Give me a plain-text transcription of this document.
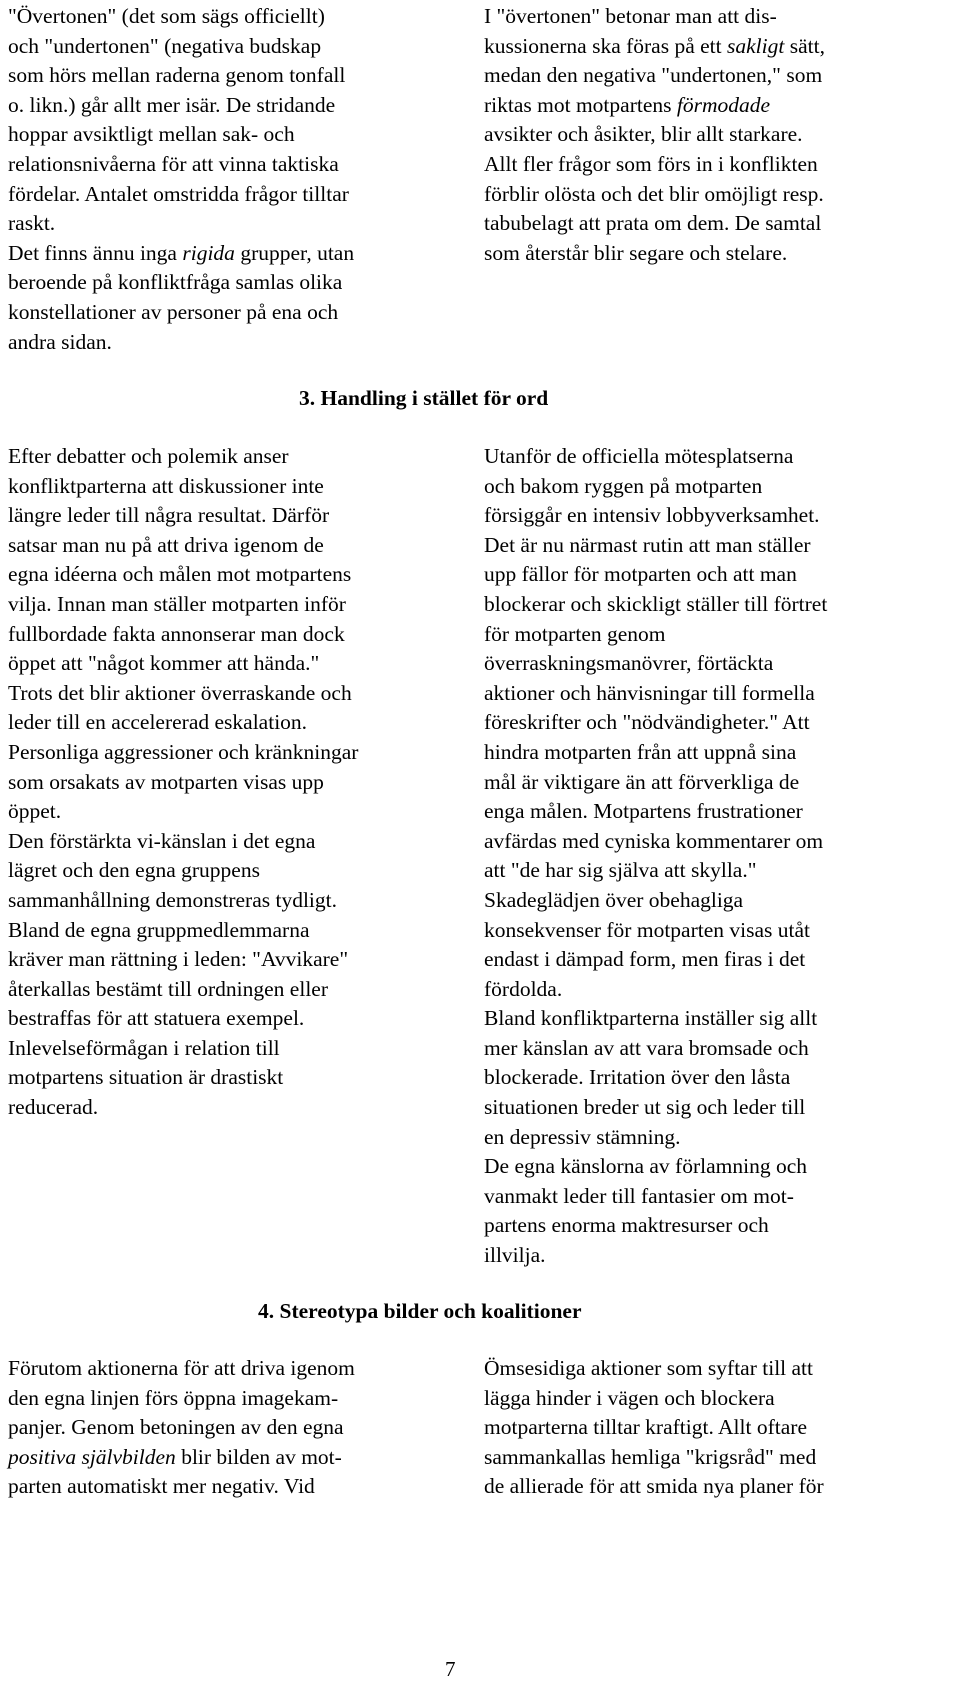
"Övertonen" (det som sägs officiellt)
och "undertonen" (negativa budskap
som hörs mellan raderna genom tonfall
o. likn.) går allt mer isär. De stridande
hoppar avsiktligt mellan sak- och
relationsnivåerna för att vinna taktiska
fördelar. Antalet omstridda frågor tilltar
raskt.
Det finns ännu inga rigida grupper, utan
beroende på konfliktfråga samlas olika
konstellationer av personer på ena och
andra sidan.
I "övertonen" betonar man att dis-
kussionerna ska föras på ett sakligt sätt,
medan den negativa "undertonen," som
riktas mot motpartens förmodade
avsikter och åsikter, blir allt starkare.
Allt fler frågor som förs in i konflikten
förblir olösta och det blir omöjligt resp.
tabubelagt att prata om dem. De samtal
som återstår blir segare och stelare.
3. Handling i stället för ord
Efter debatter och polemik anser
konfliktparterna att diskussioner inte
längre leder till några resultat. Därför
satsar man nu på att driva igenom de
egna idéerna och målen mot motpartens
vilja. Innan man ställer motparten inför
fullbordade fakta annonserar man dock
öppet att "något kommer att hända."
Trots det blir aktioner överraskande och
leder till en accelererad eskalation.
Personliga aggressioner och kränkningar
som orsakats av motparten visas upp
öppet.
Den förstärkta vi-känslan i det egna
lägret och den egna gruppens
sammanhållning demonstreras tydligt.
Bland de egna gruppmedlemmarna
kräver man rättning i leden: "Avvikare"
återkallas bestämt till ordningen eller
bestraffas för att statuera exempel.
Inlevelseförmågan i relation till
motpartens situation är drastiskt
reducerad.
Utanför de officiella mötesplatserna
och bakom ryggen på motparten
försiggår en intensiv lobbyverksamhet.
Det är nu närmast rutin att man ställer
upp fällor för motparten och att man
blockerar och skickligt ställer till förtret
för motparten genom
överraskningsmanövrer, förtäckta
aktioner och hänvisningar till formella
föreskrifter och "nödvändigheter." Att
hindra motparten från att uppnå sina
mål är viktigare än att förverkliga de
enga målen. Motpartens frustrationer
avfärdas med cyniska kommentarer om
att "de har sig själva att skylla."
Skadeglädjen över obehagliga
konsekvenser för motparten visas utåt
endast i dämpad form, men firas i det
fördolda.
Bland konfliktparterna inställer sig allt
mer känslan av att vara bromsade och
blockerade. Irritation över den låsta
situationen breder ut sig och leder till
en depressiv stämning.
De egna känslorna av förlamning och
vanmakt leder till fantasier om mot-
partens enorma maktresurser och
illvilja.
4. Stereotypa bilder och koalitioner
Förutom aktionerna för att driva igenom
den egna linjen förs öppna imagekam-
panjer. Genom betoningen av den egna
positiva självbilden blir bilden av mot-
parten automatiskt mer negativ. Vid
Ömsesidiga aktioner som syftar till att
lägga hinder i vägen och blockera
motparterna tilltar kraftigt. Allt oftare
sammankallas hemliga "krigsråd" med
de allierade för att smida nya planer för
7
